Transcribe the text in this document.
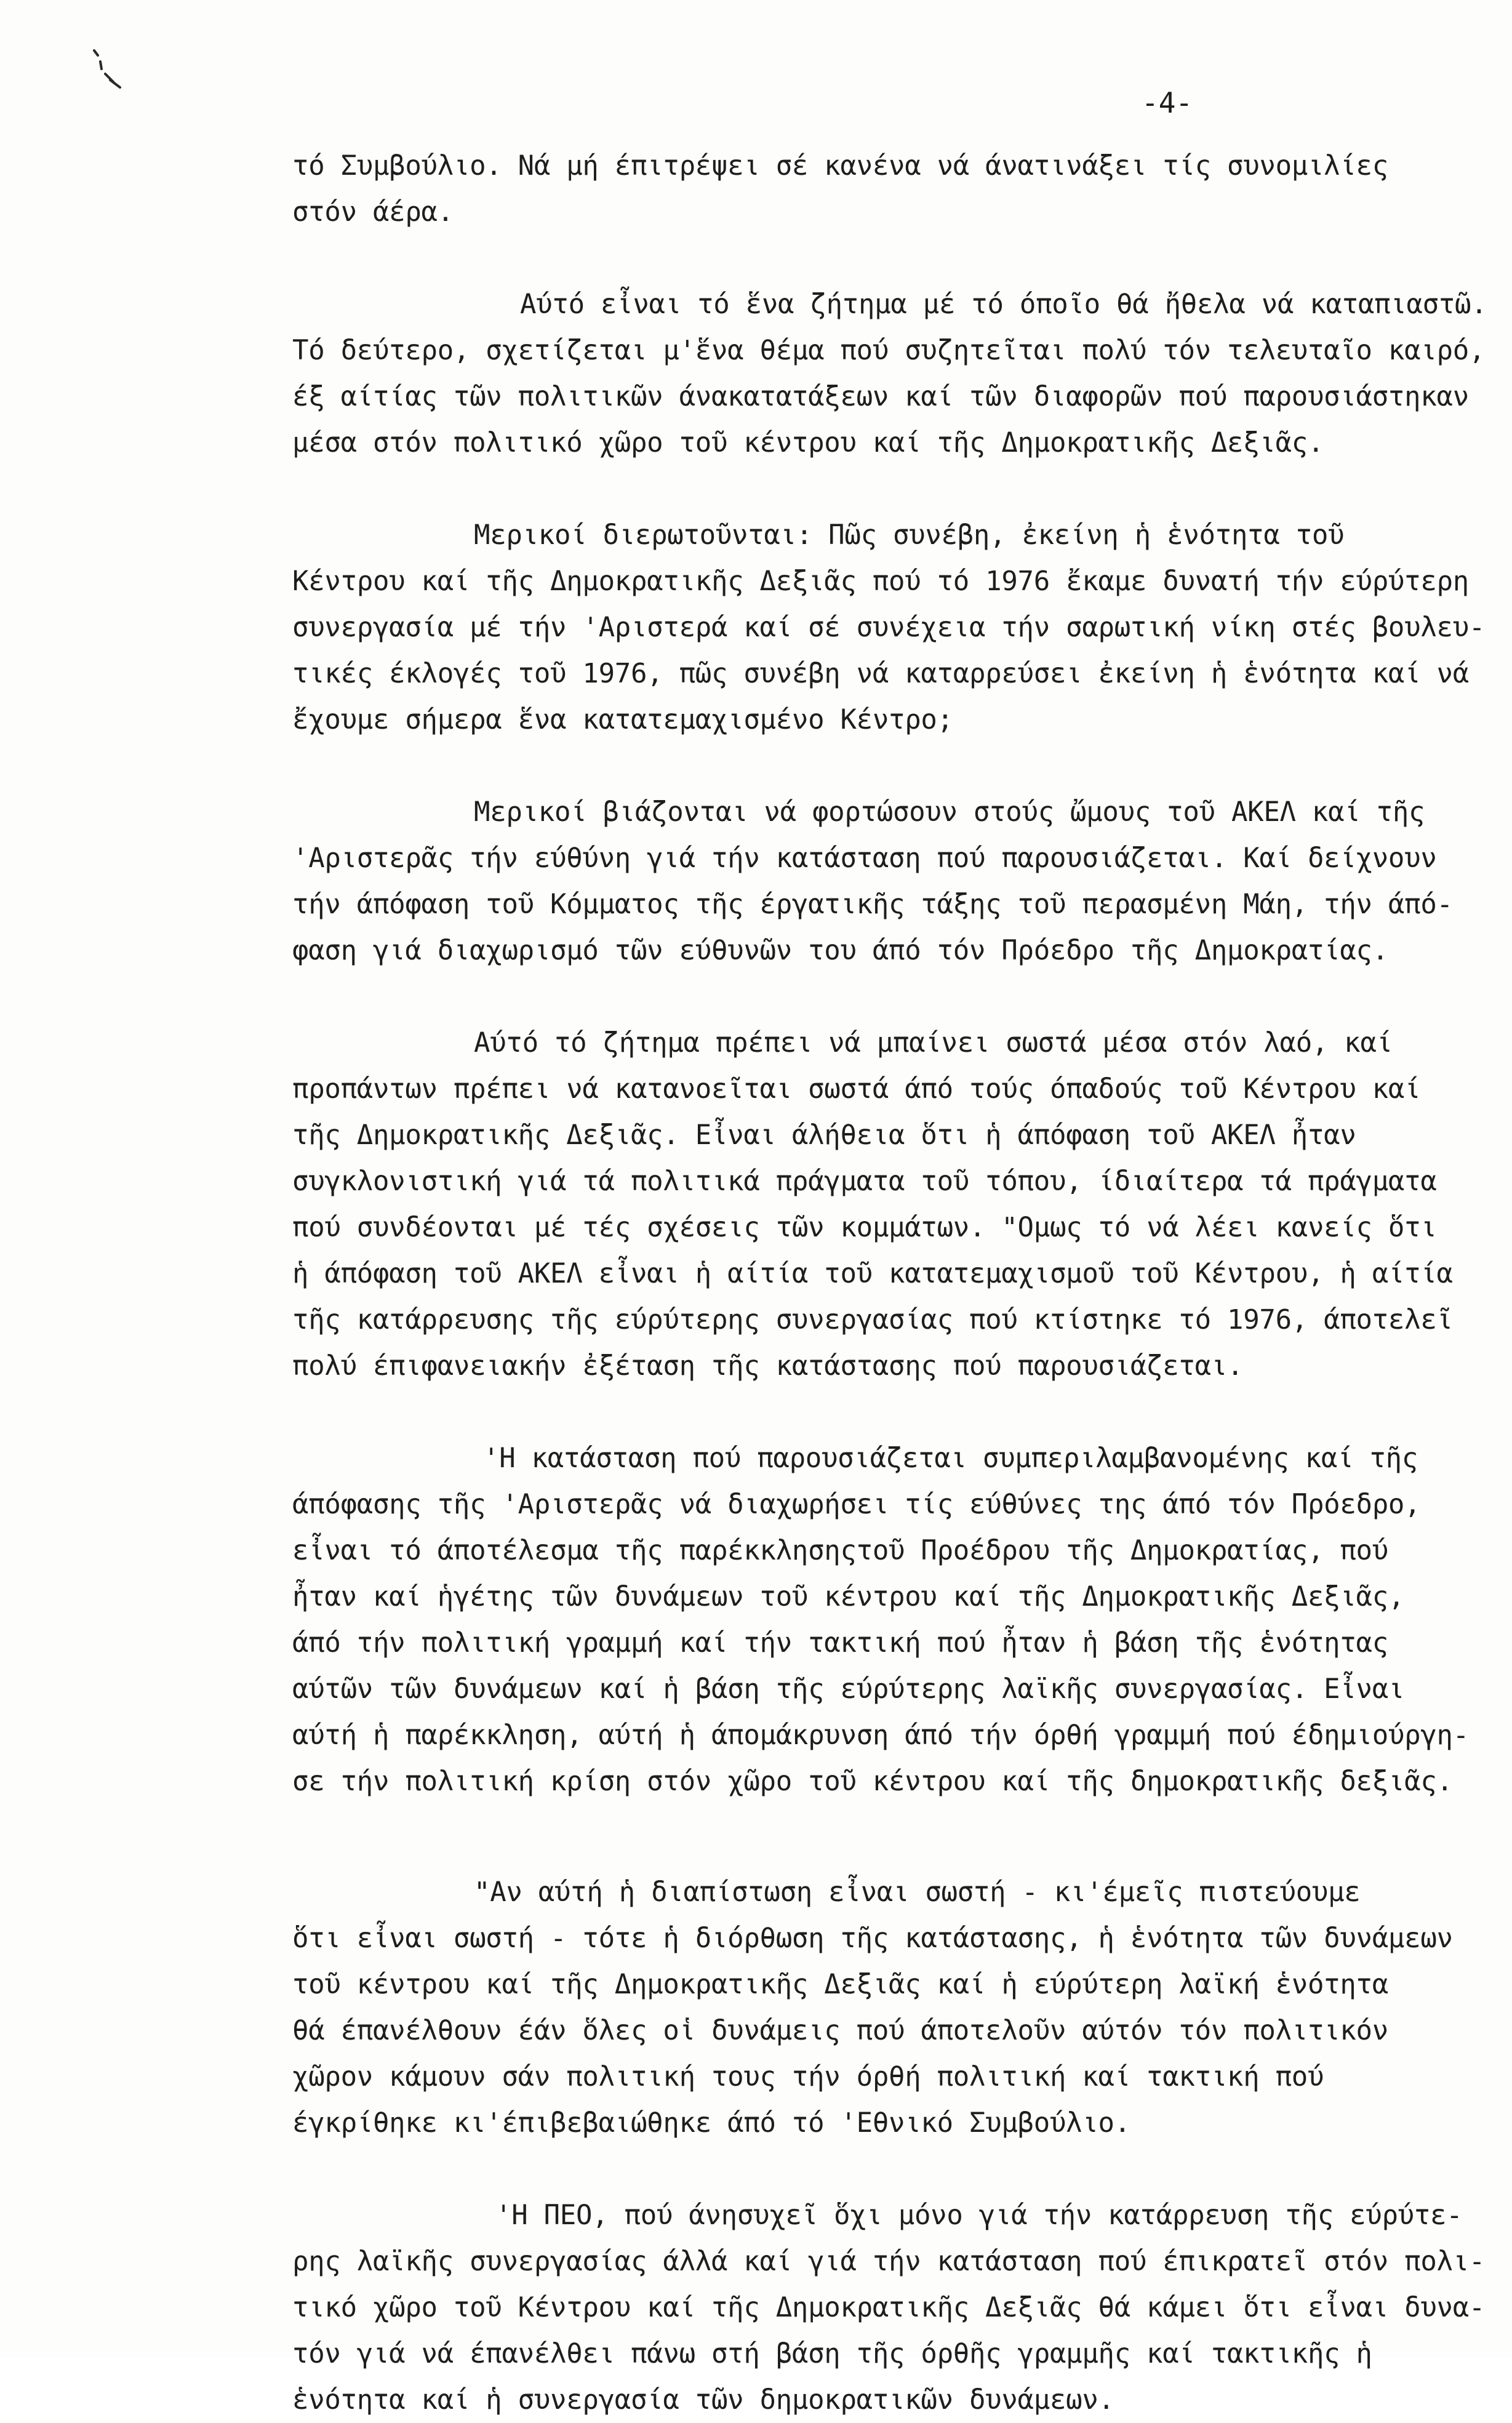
-4-
τό Συμβούλιο. Νά μή έπιτρέψει σέ κανένα νά άνατινάξει τίς συνομιλίες
στόν άέρα.
Αύτό εἶναι τό ἕνα ζήτημα μέ τό όποῖο θά ἤθελα νά καταπιαστῶ.
Τό δεύτερο, σχετίζεται μ'ἕνα θέμα πού συζητεῖται πολύ τόν τελευταῖο καιρό,
έξ αίτίας τῶν πολιτικῶν άνακατατάξεων καί τῶν διαφορῶν πού παρουσιάστηκαν
μέσα στόν πολιτικό χῶρο τοῦ κέντρου καί τῆς Δημοκρατικῆς Δεξιᾶς.
Μερικοί διερωτοῦνται: Πῶς συνέβη, ἐκείνη ἡ ἑνότητα τοῦ
Κέντρου καί τῆς Δημοκρατικῆς Δεξιᾶς πού τό 1976 ἔκαμε δυνατή τήν εύρύτερη
συνεργασία μέ τήν 'Αριστερά καί σέ συνέχεια τήν σαρωτική νίκη στές βουλευ-
τικές έκλογές τοῦ 1976, πῶς συνέβη νά καταρρεύσει ἐκείνη ἡ ἑνότητα καί νά
ἔχουμε σήμερα ἕνα κατατεμαχισμένο Κέντρο;
Μερικοί βιάζονται νά φορτώσουν στούς ὤμους τοῦ ΑΚΕΛ καί τῆς
'Αριστερᾶς τήν εύθύνη γιά τήν κατάσταση πού παρουσιάζεται. Καί δείχνουν
τήν άπόφαση τοῦ Κόμματος τῆς έργατικῆς τάξης τοῦ περασμένη Μάη, τήν άπό-
φαση γιά διαχωρισμό τῶν εύθυνῶν του άπό τόν Πρόεδρο τῆς Δημοκρατίας.
Αύτό τό ζήτημα πρέπει νά μπαίνει σωστά μέσα στόν λαό, καί
προπάντων πρέπει νά κατανοεῖται σωστά άπό τούς όπαδούς τοῦ Κέντρου καί
τῆς Δημοκρατικῆς Δεξιᾶς. Εἶναι άλήθεια ὅτι ἡ άπόφαση τοῦ ΑΚΕΛ ἦταν
συγκλονιστική γιά τά πολιτικά πράγματα τοῦ τόπου, ίδιαίτερα τά πράγματα
πού συνδέονται μέ τές σχέσεις τῶν κομμάτων. "Ομως τό νά λέει κανείς ὅτι
ἡ άπόφαση τοῦ ΑΚΕΛ εἶναι ἡ αίτία τοῦ κατατεμαχισμοῦ τοῦ Κέντρου, ἡ αίτία
τῆς κατάρρευσης τῆς εύρύτερης συνεργασίας πού κτίστηκε τό 1976, άποτελεῖ
πολύ έπιφανειακήν ἐξέταση τῆς κατάστασης πού παρουσιάζεται.
'Η κατάσταση πού παρουσιάζεται συμπεριλαμβανομένης καί τῆς
άπόφασης τῆς 'Αριστερᾶς νά διαχωρήσει τίς εύθύνες της άπό τόν Πρόεδρο,
εἶναι τό άποτέλεσμα τῆς παρέκκλησηςτοῦ Προέδρου τῆς Δημοκρατίας, πού
ἦταν καί ἡγέτης τῶν δυνάμεων τοῦ κέντρου καί τῆς Δημοκρατικῆς Δεξιᾶς,
άπό τήν πολιτική γραμμή καί τήν τακτική πού ἦταν ἡ βάση τῆς ἑνότητας
αύτῶν τῶν δυνάμεων καί ἡ βάση τῆς εύρύτερης λαϊκῆς συνεργασίας. Εἶναι
αύτή ἡ παρέκκληση, αύτή ἡ άπομάκρυνση άπό τήν όρθή γραμμή πού έδημιούργη-
σε τήν πολιτική κρίση στόν χῶρο τοῦ κέντρου καί τῆς δημοκρατικῆς δεξιᾶς.
"Αν αύτή ἡ διαπίστωση εἶναι σωστή - κι'έμεῖς πιστεύουμε
ὅτι εἶναι σωστή - τότε ἡ διόρθωση τῆς κατάστασης, ἡ ἑνότητα τῶν δυνάμεων
τοῦ κέντρου καί τῆς Δημοκρατικῆς Δεξιᾶς καί ἡ εύρύτερη λαϊκή ἑνότητα
θά έπανέλθουν έάν ὅλες οἱ δυνάμεις πού άποτελοῦν αύτόν τόν πολιτικόν
χῶρον κάμουν σάν πολιτική τους τήν όρθή πολιτική καί τακτική πού
έγκρίθηκε κι'έπιβεβαιώθηκε άπό τό 'Εθνικό Συμβούλιο.
'Η ΠΕΟ, πού άνησυχεῖ ὅχι μόνο γιά τήν κατάρρευση τῆς εύρύτε-
ρης λαϊκῆς συνεργασίας άλλά καί γιά τήν κατάσταση πού έπικρατεῖ στόν πολι-
τικό χῶρο τοῦ Κέντρου καί τῆς Δημοκρατικῆς Δεξιᾶς θά κάμει ὅτι εἶναι δυνα-
τόν γιά νά έπανέλθει πάνω στή βάση τῆς όρθῆς γραμμῆς καί τακτικῆς ἡ
ἑνότητα καί ἡ συνεργασία τῶν δημοκρατικῶν δυνάμεων.
